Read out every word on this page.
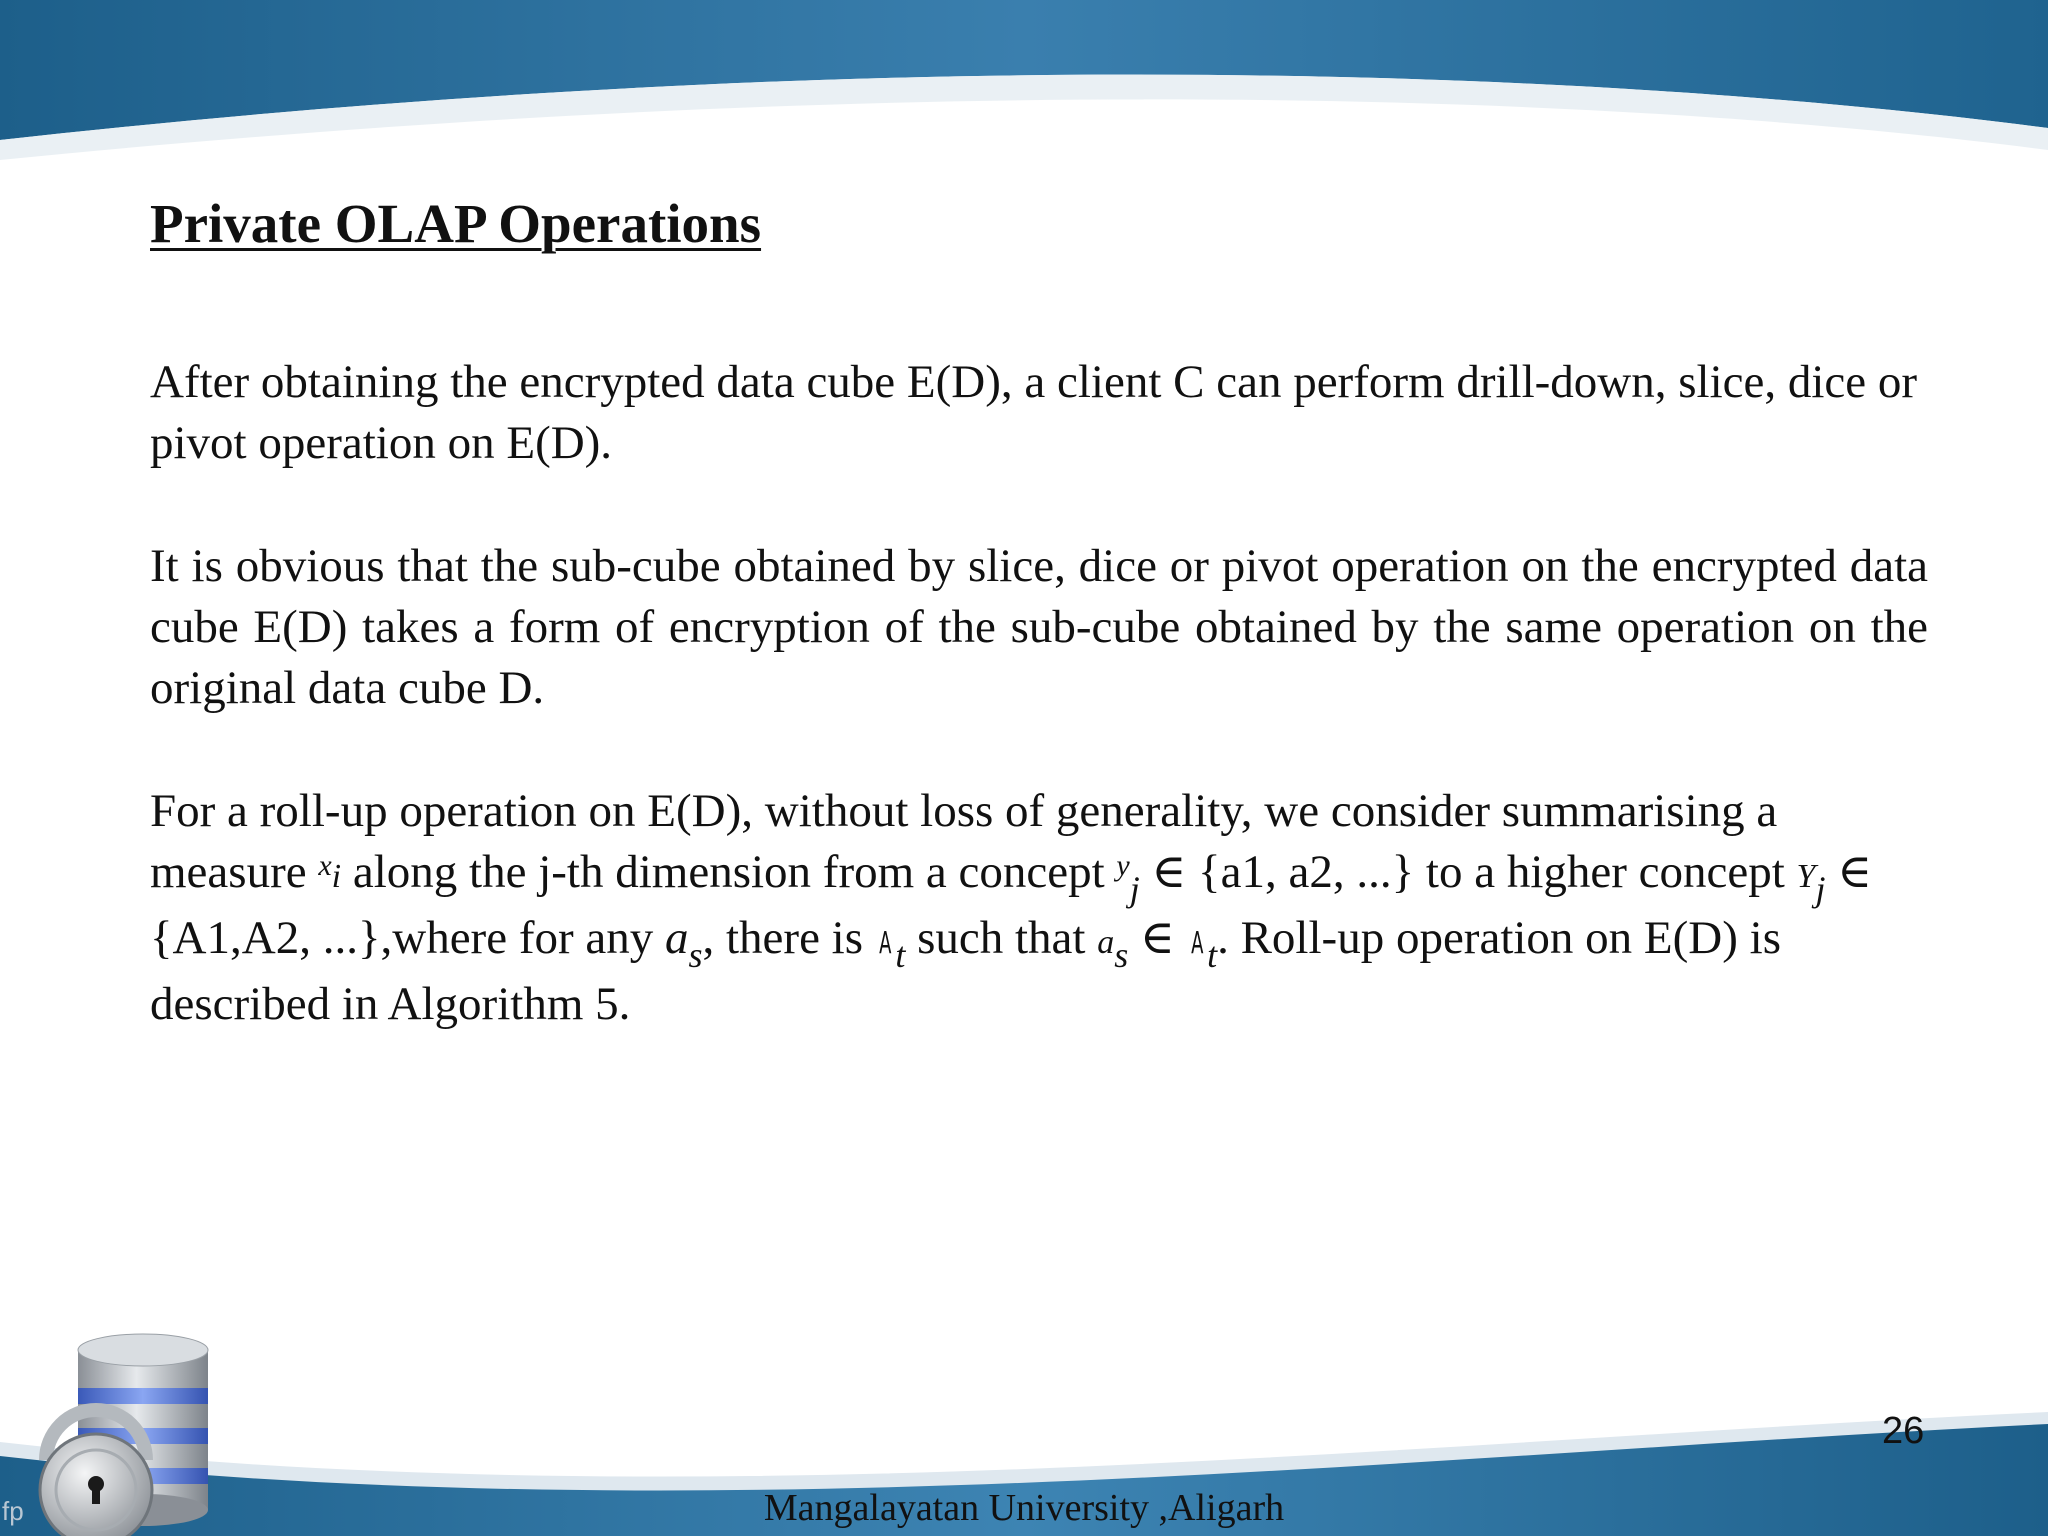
Private OLAP Operations

After obtaining the encrypted data cube E(D), a client C can perform drill-down, slice, dice or pivot operation on E(D).

It is obvious that the sub-cube obtained by slice, dice or pivot operation on the encrypted data cube E(D) takes a form of encryption of the sub-cube obtained by the same operation on the original data cube D.

For a roll-up operation on E(D), without loss of generality, we consider summarising a measure $^x$i along the j-th dimension from a concept $^y_j$ ∈ {a1, a2, ...} to a higher concept $Y_j$ ∈ {A1,A2, ...},where for any $a_s$, there is A $_t$ such that $a_s$ ∈ A $_t$. Roll-up operation on E(D) is described in Algorithm 5.

26
Mangalayatan University ,Aligarh
fp
